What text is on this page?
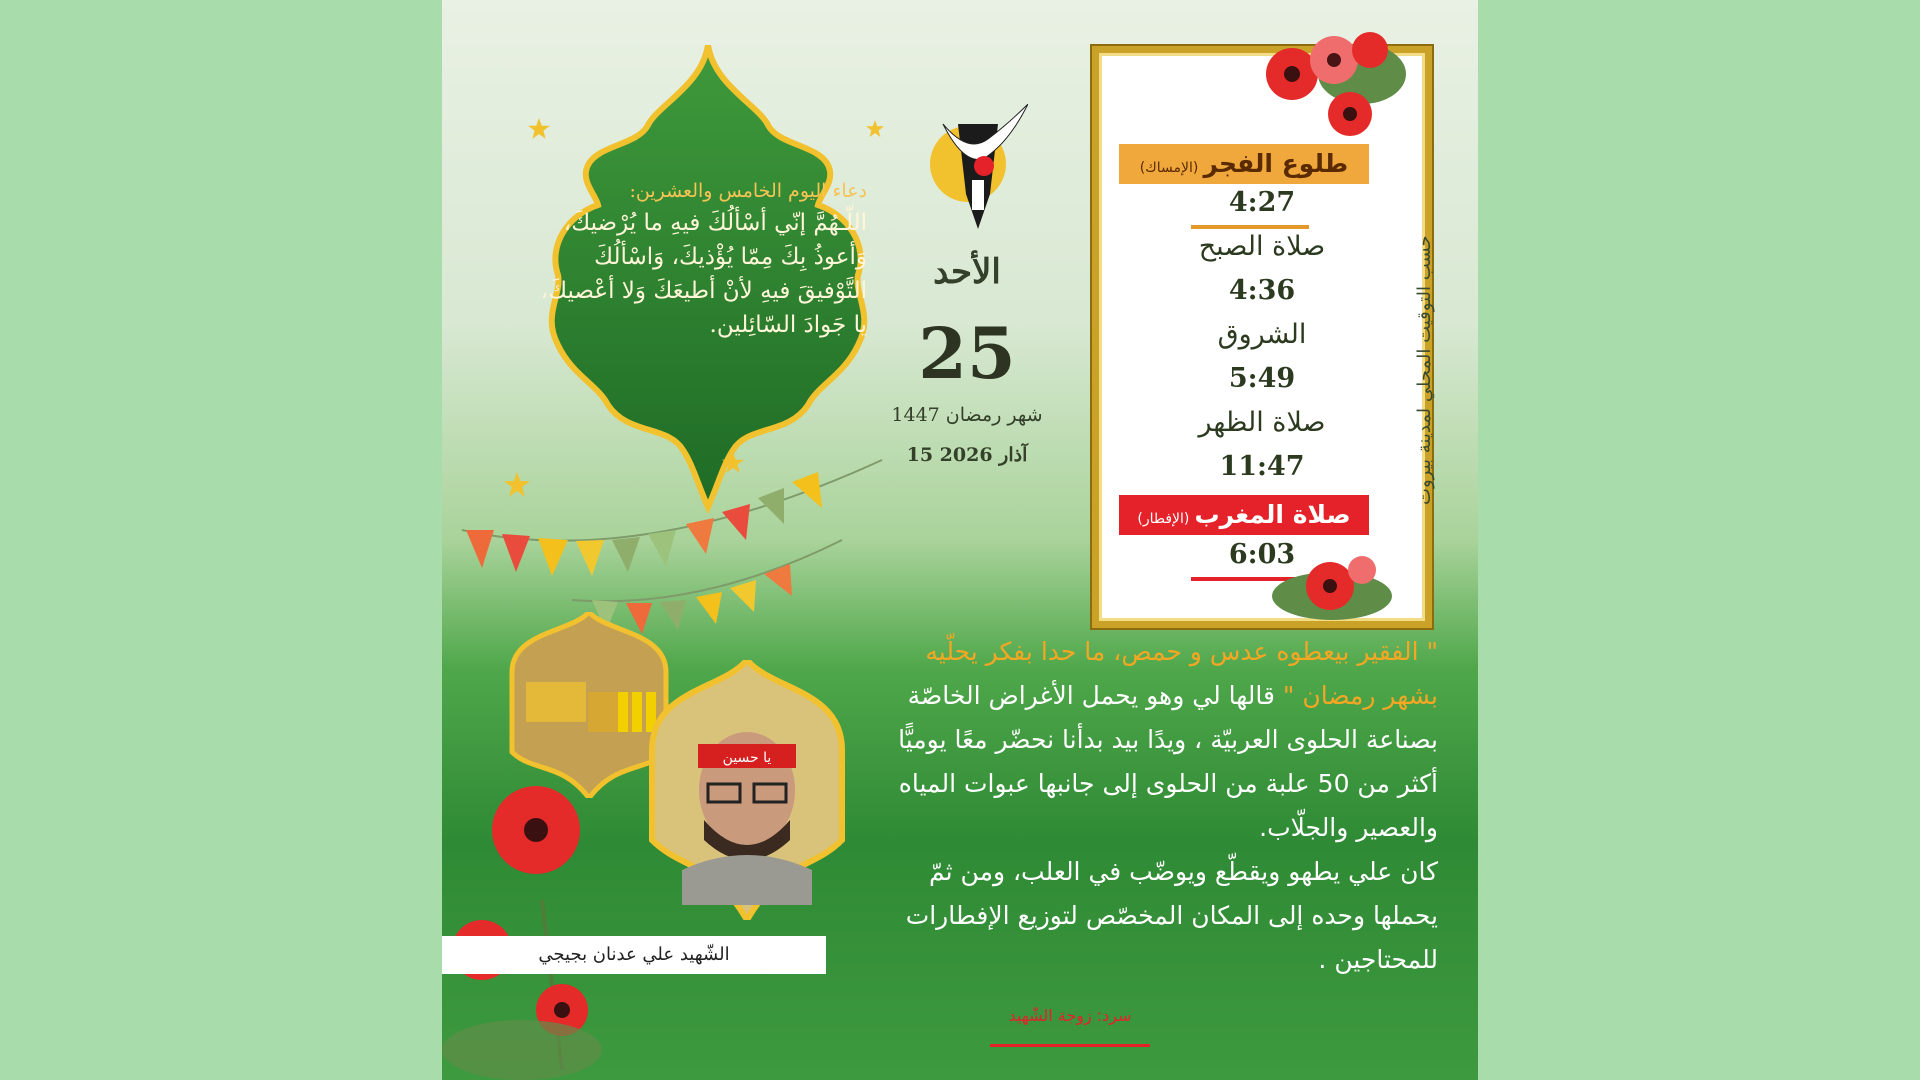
دعاء اليوم الخامس والعشرين:
اللّـهُمَّ إنّي أسْألُكَ فيهِ ما يُرْضيكَ، وَأعوذُ بِكَ مِمّا يُؤْذيكَ، وَاسْألُكَ التَّوْفيقَ فيهِ لأنْ أطيعَكَ وَلا أعْصيكَ، يا جَوادَ السّائِلين.
الأحد
25
شهر رمضان 1447
15 آذار 2026
طلوع الفجر (الإمساك)
4:27
صلاة الصبح
4:36
الشروق
5:49
صلاة الظهر
11:47
صلاة المغرب (الإفطار)
6:03
حسب التوقيت المحلي لمدينة بيروت
يا حسين
الشّهيد علي عدنان بجيجي
" الفقير بيعطوه عدس و حمص، ما حدا بفكر يحلّيه بشهر رمضان " قالها لي وهو يحمل الأغراض الخاصّة بصناعة الحلوى العربيّة ، ويدًا بيد بدأنا نحضّر معًا يوميًّا أكثر من 50 علبة من الحلوى إلى جانبها عبوات المياه والعصير والجلّاب.
كان علي يطهو ويقطّع ويوضّب في العلب، ومن ثمّ يحملها وحده إلى المكان المخصّص لتوزيع الإفطارات للمحتاجين .
سرد: زوجة الشّهيد
